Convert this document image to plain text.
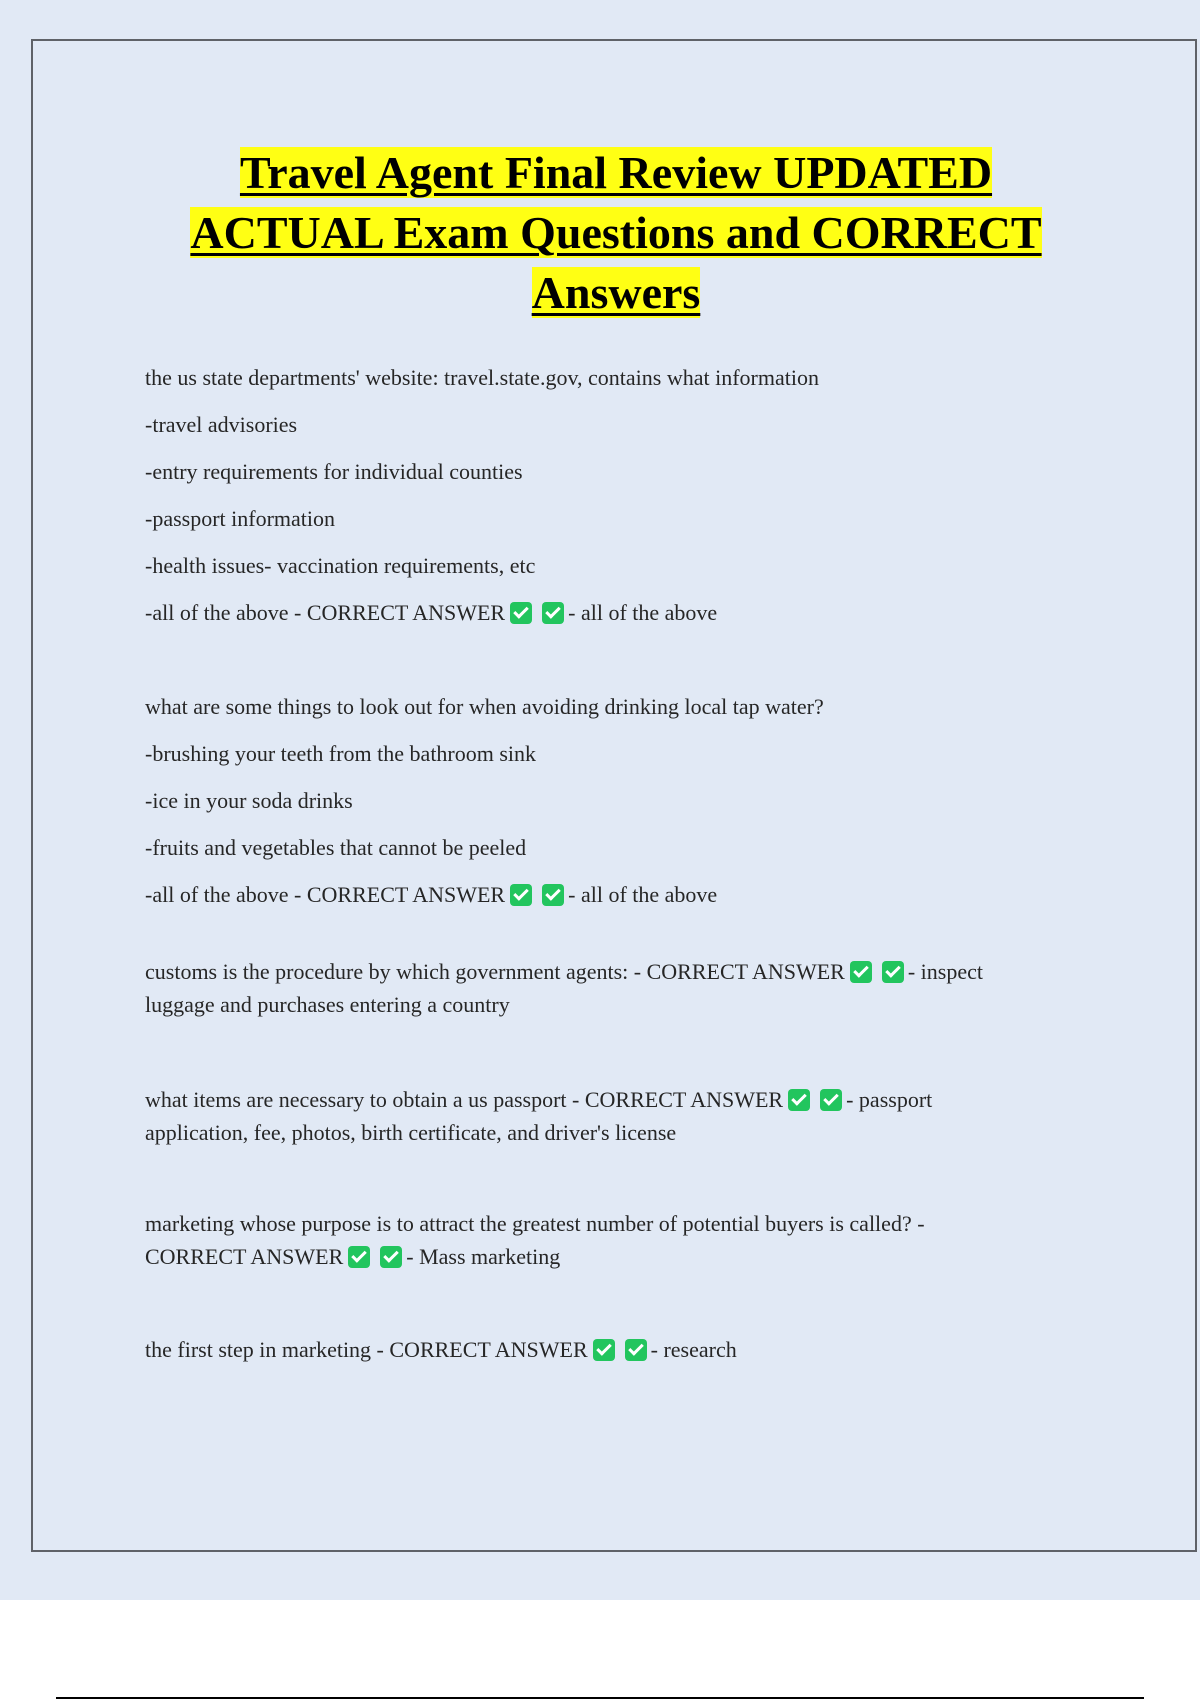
Travel Agent Final Review UPDATED
ACTUAL Exam Questions and CORRECT
Answers
the us state departments' website: travel.state.gov, contains what information
-travel advisories
-entry requirements for individual counties
-passport information
-health issues- vaccination requirements, etc
-all of the above - CORRECT ANSWER	- all of the above
what are some things to look out for when avoiding drinking local tap water?
-brushing your teeth from the bathroom sink
-ice in your soda drinks
-fruits and vegetables that cannot be peeled
-all of the above - CORRECT ANSWER	- all of the above
customs is the procedure by which government agents: - CORRECT ANSWER	- inspect
luggage and purchases entering a country
what items are necessary to obtain a us passport - CORRECT ANSWER	- passport
application, fee, photos, birth certificate, and driver's license
marketing whose purpose is to attract the greatest number of potential buyers is called? -
CORRECT ANSWER	- Mass marketing
the first step in marketing - CORRECT ANSWER	- research
